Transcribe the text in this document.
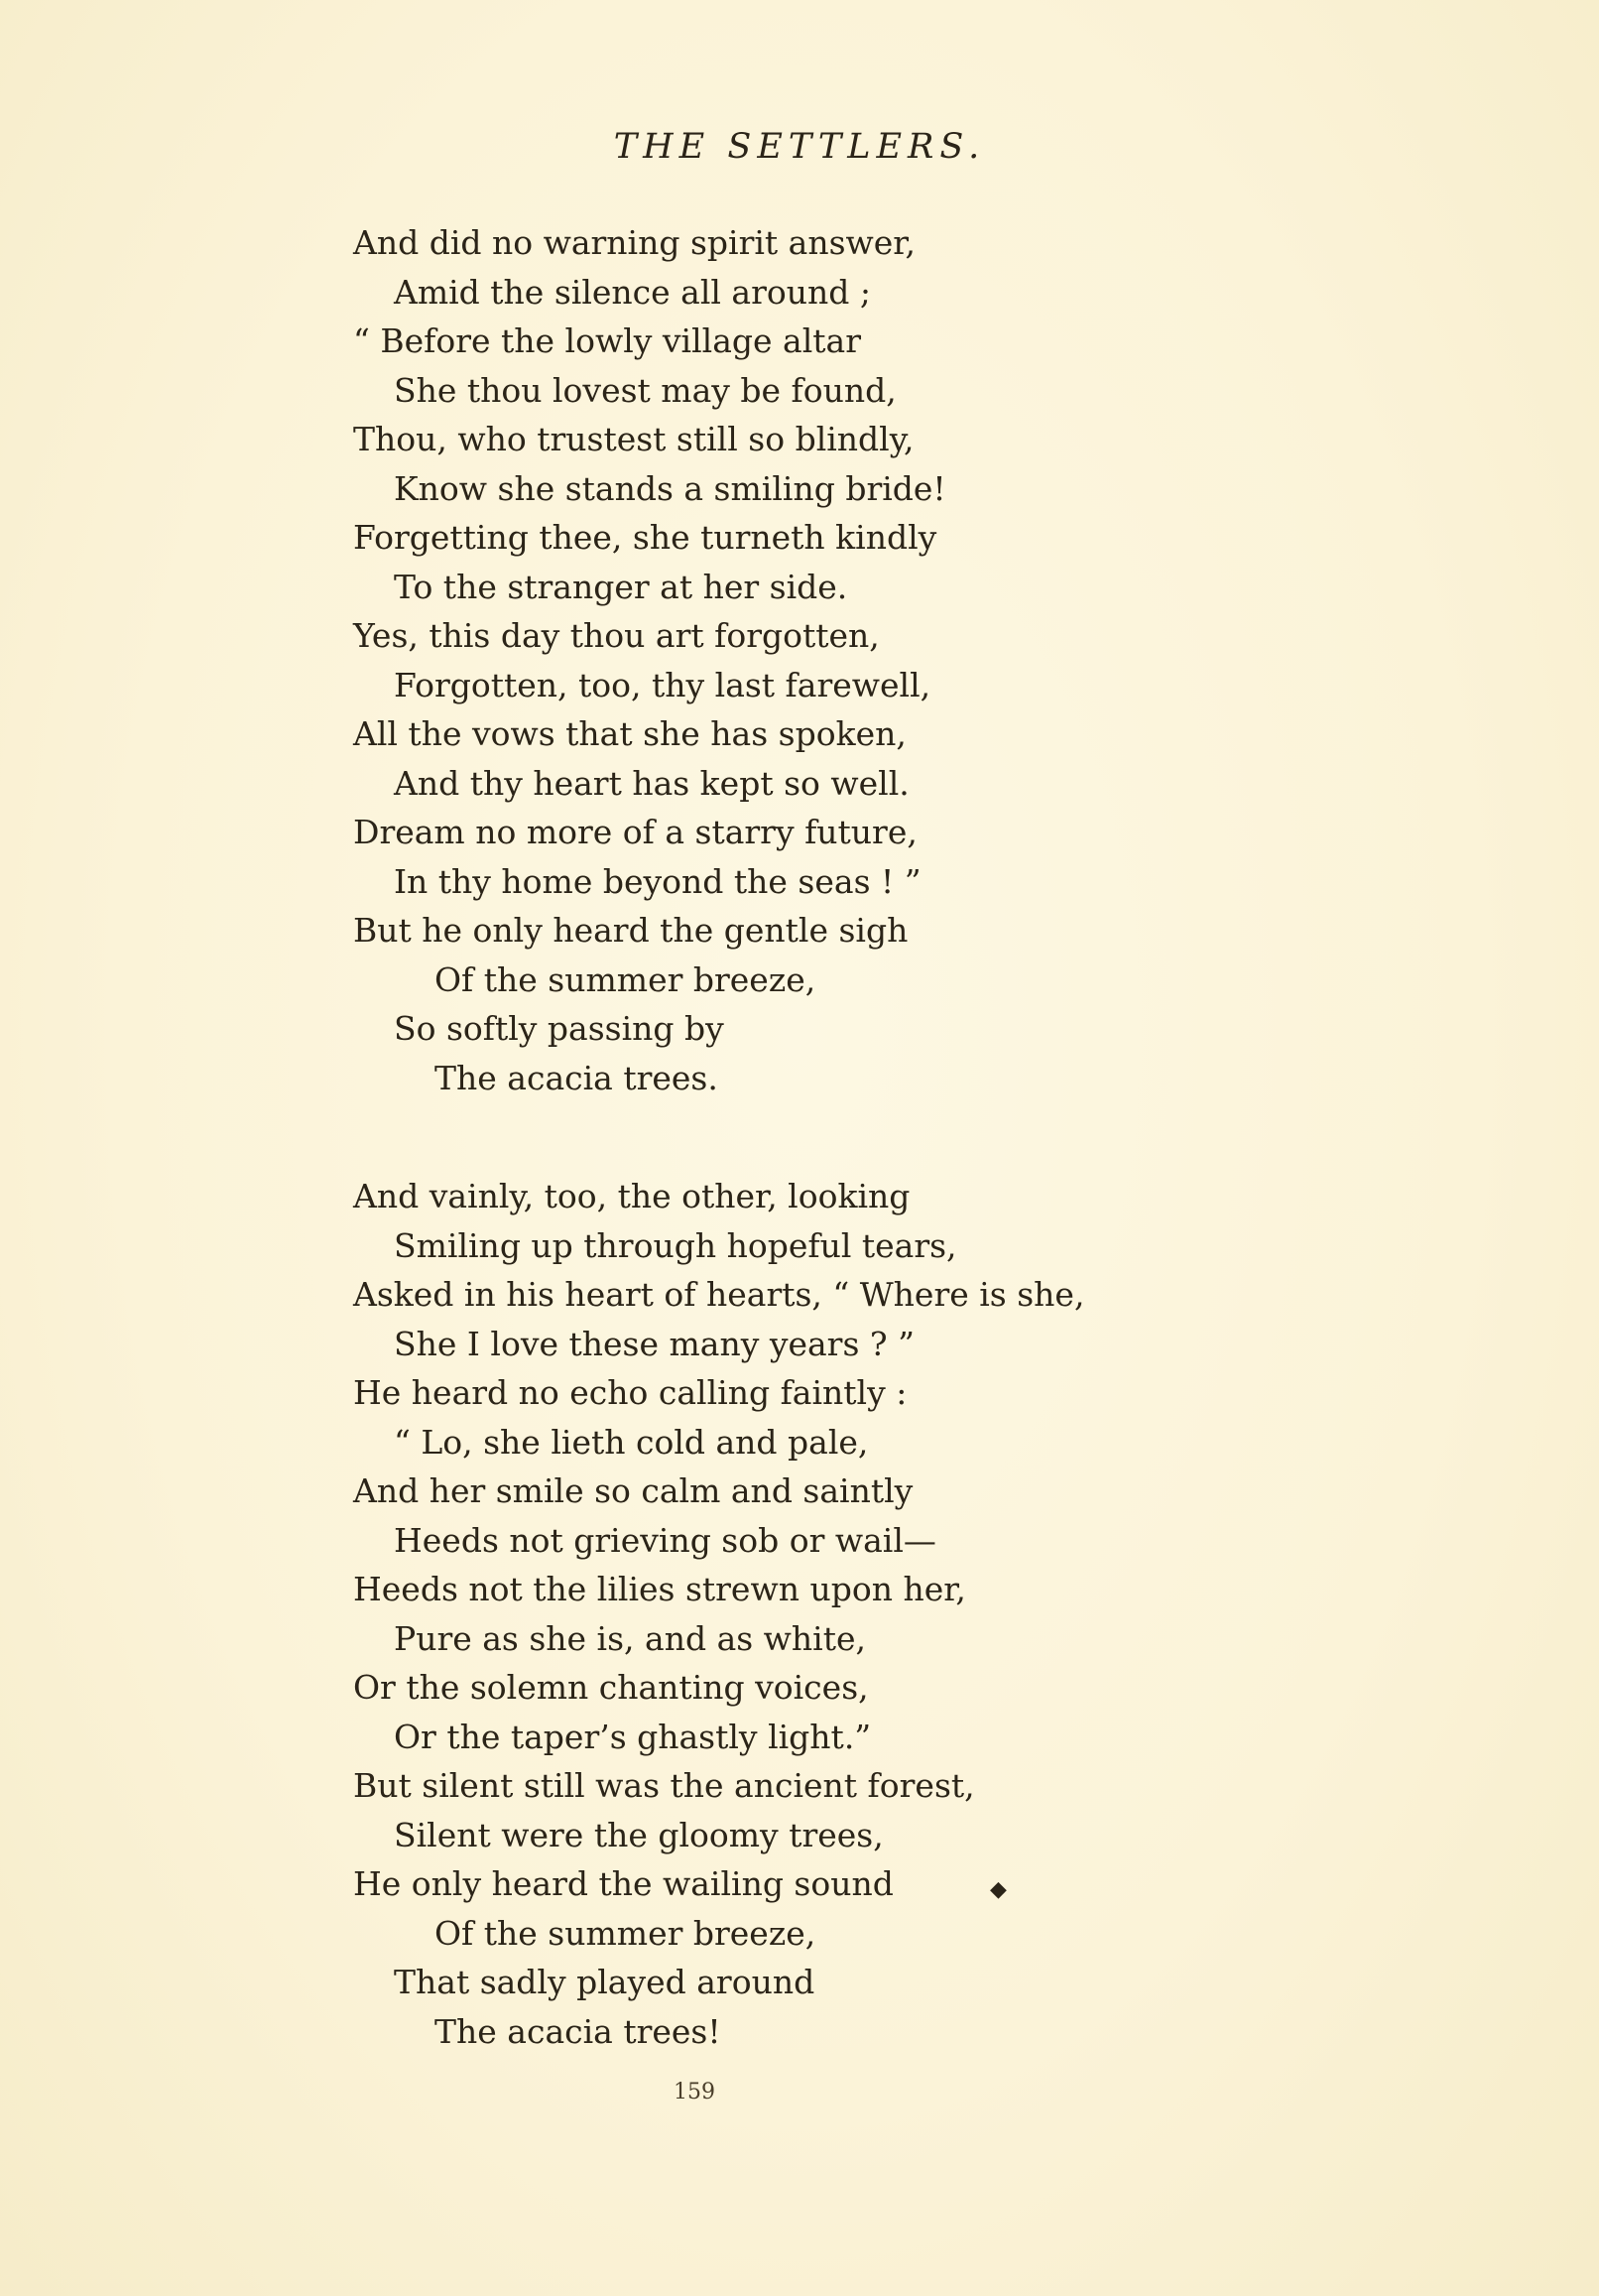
THE SETTLERS.
And did no warning spirit answer,
Amid the silence all around ;
“ Before the lowly village altar
She thou lovest may be found,
Thou, who trustest still so blindly,
Know she stands a smiling bride!
Forgetting thee, she turneth kindly
To the stranger at her side.
Yes, this day thou art forgotten,
Forgotten, too, thy last farewell,
All the vows that she has spoken,
And thy heart has kept so well.
Dream no more of a starry future,
In thy home beyond the seas ! ”
But he only heard the gentle sigh
Of the summer breeze,
So softly passing by
The acacia trees.
And vainly, too, the other, looking
Smiling up through hopeful tears,
Asked in his heart of hearts, “ Where is she,
She I love these many years ? ”
He heard no echo calling faintly :
“ Lo, she lieth cold and pale,
And her smile so calm and saintly
Heeds not grieving sob or wail—
Heeds not the lilies strewn upon her,
Pure as she is, and as white,
Or the solemn chanting voices,
Or the taper’s ghastly light.”
But silent still was the ancient forest,
Silent were the gloomy trees,
He only heard the wailing sound
Of the summer breeze,
That sadly played around
The acacia trees!
◆
159
